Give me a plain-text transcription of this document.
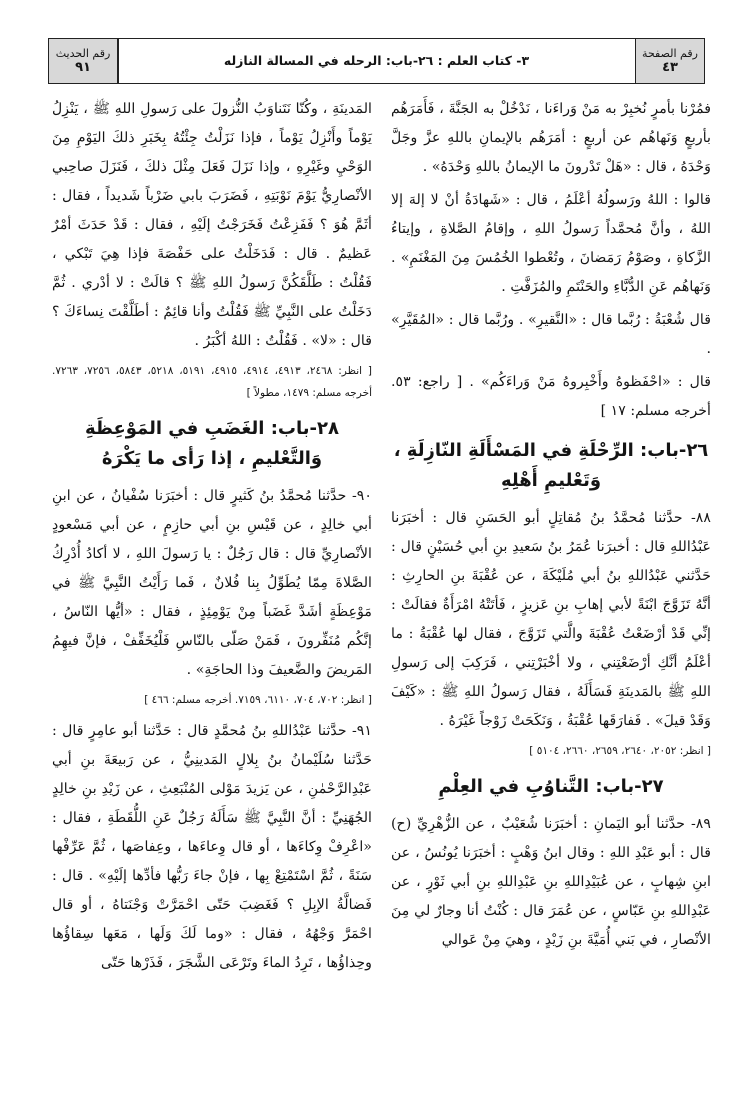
رقم الصفحة
٤٣
٣- كتاب العلم : ٢٦-باب: الرحله في المسالة النازله
رقم الحديث
٩١

فمُرْنا بأمرٍ نُخبِرْ به مَنْ وَراءَنا ، نَدْخُلْ به الجَنَّةَ ، فَأَمَرَهُم بأربعٍ وَنَهاهُم عن أربعٍ : أمَرَهُم بالإيمانِ باللهِ عزَّ وجَلَّ وَحْدَهُ ، قال : «هَلْ تَدْرونَ ما الإيمانُ باللهِ وَحْدَهُ» .

قالوا : اللهُ ورَسولُهُ أعْلَمُ ، قال : «شَهادَةُ أنْ لا إلهَ إلا اللهُ ، وأنَّ مُحمَّداً رَسولُ اللهِ ، وإقامُ الصَّلاةِ ، وإيتاءُ الزَّكاةِ ، وصَوْمُ رَمَضانَ ، وتُعْطوا الخُمُسَ مِنَ المَغْنَمِ» . وَنَهاهُم عَنِ الدُّبَّاءِ والحَنْتَمِ والمُزَفَّتِ .

قال شُعْبَةُ : رُبَّما قال : «النَّقيرِ» . ورُبَّما قال : «المُقَيَّرِ» .

قال : «احْفَظوهُ وأَخْبِروهُ مَنْ وَراءَكُم» . [ راجع: ٥٣. أخرجه مسلم: ١٧ ]

٢٦-باب: الرِّحْلَةِ في المَسْأَلَةِ النّازِلَةِ ، وَتَعْليمِ أَهْلِهِ

٨٨- حدَّثنا مُحمَّدُ بنُ مُقاتِلٍ أبو الحَسَنِ قال : أخبَرَنا عَبْدُاللهِ قال : أخبرَنا عُمَرُ بنُ سَعيدِ بنِ أبي حُسَيْنٍ قال : حَدَّثني عَبْدُاللهِ بنُ أبي مُلَيْكَةَ ، عن عُقْبَةَ بنِ الحارِثِ : أنَّهُ تَزَوَّجَ ابْنَةً لأبي إهابِ بنِ عَزيزٍ ، فَأتَتْهُ امْرَأَةٌ فقالَتْ : إنِّي قَدْ أرْضَعْتُ عُقْبَةَ والَّتي تَزَوَّجَ ، فقال لها عُقْبَةُ : ما أعْلَمُ أنَّكِ أرْضَعْتِني ، ولا أخْبَرْتِني ، فَرَكِبَ إلى رَسولِ اللهِ ﷺ بالمَدينَةِ فَسَأَلَهُ ، فقال رَسولُ اللهِ ﷺ : «كَيْفَ وَقَدْ قيلَ» . فَفارَقَها عُقْبَةُ ، وَنَكَحَتْ زَوْجاً غَيْرَهُ .

[ انظر: ٢٠٥٢، ٢٦٤٠، ٢٦٥٩، ٢٦٦٠، ٥١٠٤ ]

٢٧-باب: التَّناوُبِ في العِلْمِ

٨٩- حدَّثنا أبو اليَمانِ : أخبَرَنا شُعَيْبٌ ، عن الزُّهْرِيِّ (ح) قال : أبو عَبْدِ اللهِ : وقال ابنُ وَهْبٍ : أخبَرَنا يُونُسُ ، عن ابنِ شِهابٍ ، عن عُبَيْدِاللهِ بنِ عَبْدِاللهِ بنِ أبي ثَوْرٍ ، عن عَبْدِاللهِ بنِ عَبّاسٍ ، عن عُمَرَ قال : كُنْتُ أنا وجارٌ لي مِنَ الأنْصارِ ، في بَني أُمَيَّةَ بنِ زَيْدٍ ، وهيَ مِنْ عَوالي

المَدينَةِ ، وكُنّا نَتَناوَبُ النُّزولَ على رَسولِ اللهِ ﷺ ، يَنْزِلُ يَوْماً وأَنْزِلُ يَوْماً ، فإذا نَزَلْتُ جِئْتُهُ بِخَبَرِ ذلكَ اليَوْمِ مِنَ الوَحْيِ وغَيْرِهِ ، وإذا نَزَلَ فَعَلَ مِثْلَ ذلكَ ، فَنَزَلَ صاحِبي الأنْصارِيُّ يَوْمَ نَوْبَتِهِ ، فَضَرَبَ بابي ضَرْباً شَديداً ، فقال : أثَمَّ هُوَ ؟ فَفَزِعْتُ فَخَرَجْتُ إلَيْهِ ، فقال : قَدْ حَدَثَ أمْرٌ عَظيمٌ . قال : فَدَخَلْتُ على حَفْصَةَ فإذا هِيَ تَبْكي ، فَقُلْتُ : طَلَّقَكُنَّ رَسولُ اللهِ ﷺ ؟ قالَتْ : لا أدْري . ثُمَّ دَخَلْتُ على النَّبِيِّ ﷺ فَقُلْتُ وأنا قائِمٌ : أطَلَّقْتَ نِساءَكَ ؟ قال : «لا» . فَقُلْتُ : اللهُ أكْبَرُ .

[ انظر: ٢٤٦٨، ٤٩١٣، ٤٩١٤، ٤٩١٥، ٥١٩١، ٥٢١٨، ٥٨٤٣، ٧٢٥٦، ٧٢٦٣. أخرجه مسلم: ١٤٧٩، مطولاً ]

٢٨-باب: الغَضَبِ في المَوْعِظَةِ وَالتَّعْليمِ ، إذا رَأى ما يَكْرَهُ

٩٠- حدَّثنا مُحمَّدُ بنُ كَثيرٍ قال : أخبَرَنا سُفْيانُ ، عن ابنِ أبي خالِدٍ ، عن قَيْسِ بنِ أبي حازِمٍ ، عن أبي مَسْعودٍ الأنْصارِيِّ قال : قال رَجُلٌ : يا رَسولَ اللهِ ، لا أكادُ أُدْرِكُ الصَّلاةَ مِمّا يُطَوِّلُ بِنا فُلانٌ ، فَما رَأَيْتُ النَّبِيَّ ﷺ في مَوْعِظَةٍ أشَدَّ غَضَباً مِنْ يَوْمِئِذٍ ، فقال : «أيُّها النّاسُ ، إنَّكُم مُنَفِّرونَ ، فَمَنْ صَلّى بالنّاسِ فَلْيُخَفِّفْ ، فإنَّ فيهِمُ المَريضَ والضَّعيفَ وذا الحاجَةِ» .

[ انظر: ٧٠٢، ٧٠٤، ٦١١٠، ٧١٥٩. أخرجه مسلم: ٤٦٦ ]

٩١- حدَّثنا عَبْدُاللهِ بنُ مُحمَّدٍ قال : حَدَّثنا أبو عامِرٍ قال : حَدَّثنا سُلَيْمانُ بنُ بِلالٍ المَدينِيُّ ، عن رَبيعَةَ بنِ أبي عَبْدِالرَّحْمٰنِ ، عن يَزيدَ مَوْلى المُنْبَعِثِ ، عن زَيْدِ بنِ خالِدٍ الجُهَنِيِّ : أنَّ النَّبِيَّ ﷺ سَأَلَهُ رَجُلٌ عَنِ اللُّقَطَةِ ، فقال : «اعْرِفْ وِكاءَها ، أو قال وِعاءَها ، وعِفاصَها ، ثُمَّ عَرِّفْها سَنَةً ، ثُمَّ اسْتَمْتِعْ بِها ، فإنْ جاءَ رَبُّها فأدِّها إلَيْهِ» . قال : فَضالَّةُ الإبِلِ ؟ فَغَضِبَ حَتّى احْمَرَّتْ وَجْنَتاهُ ، أو قال احْمَرَّ وَجْهُهُ ، فقال : «وما لَكَ وَلَها ، مَعَها سِقاؤُها وحِذاؤُها ، تَرِدُ الماءَ وتَرْعَى الشَّجَرَ ، فَذَرْها حَتّى
